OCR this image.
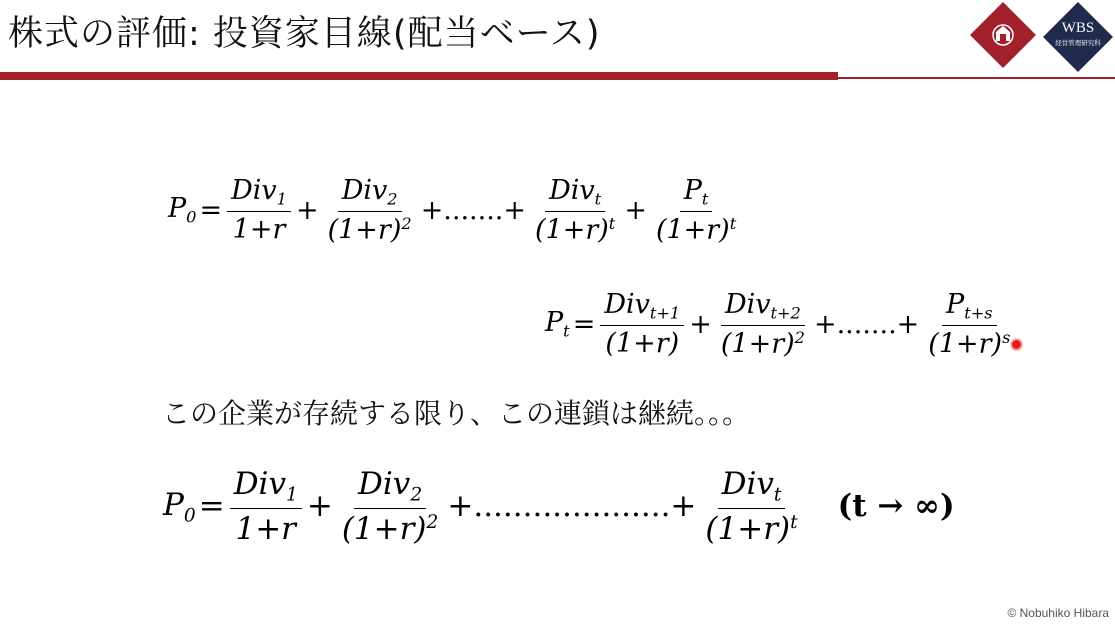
株式の評価: 投資家目線(配当ベース)	WBS
経営管理研究科
$P_0 = \frac{Div_1}{1+r} + \frac{Div_2}{(1+r)^2}$ +.......+ $\frac{Div_t}{(1+r)^t} + \frac{P_t}{(1+r)^t}$
$P_t = \frac{Div_{t+1}}{(1+r)} + \frac{Div_{t+2}}{(1+r)^2}$ +.......+ $\frac{P_{t+s}}{(1+r)^s}$
この企業が存続する限り、この連鎖は継続。。。
$P_0 = \frac{Div_1}{1+r} + \frac{Div_2}{(1+r)^2}$ +....................+ $\frac{Div_t}{(1+r)^t} (t$ → ∞)
© Nobuhiko Hibara
